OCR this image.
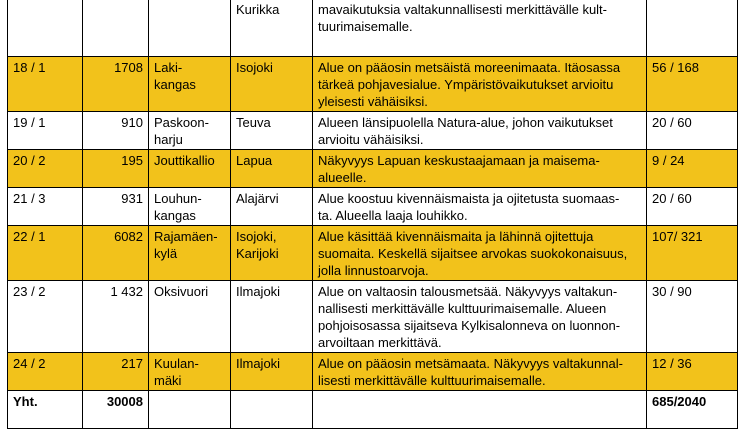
			Kurikka	mavaikutuksia valtakunnallisesti merkittävälle kult-
tuurimaisemalle.	
18 / 1	1708	Laki-
kangas	Isojoki	Alue on pääosin metsäistä moreenimaata. Itäosassa
tärkeä pohjavesialue. Ympäristövaikutukset arvioitu
yleisesti vähäisiksi.	56 / 168
19 / 1	910	Paskoon-
harju	Teuva	Alueen länsipuolella Natura-alue, johon vaikutukset
arvioitu vähäisiksi.	20 / 60
20 / 2	195	Jouttikallio	Lapua	Näkyvyys Lapuan keskustaajamaan ja maisema-
alueelle.	9 / 24
21 / 3	931	Louhun-
kangas	Alajärvi	Alue koostuu kivennäismaista ja ojitetusta suomaas-
ta. Alueella laaja louhikko.	20 / 60
22 / 1	6082	Rajamäen-
kylä	Isojoki,
Karijoki	Alue käsittää kivennäismaita ja lähinnä ojitettuja
suomaita. Keskellä sijaitsee arvokas suokokonaisuus,
jolla linnustoarvoja.	107/ 321
23 / 2	1 432	Oksivuori	Ilmajoki	Alue on valtaosin talousmetsää. Näkyvyys valtakun-
nallisesti merkittävälle kulttuurimaisemalle. Alueen
pohjoisosassa sijaitseva Kylkisalonneva on luonnon-
arvoiltaan merkittävä.	30 / 90
24 / 2	217	Kuulan-
mäki	Ilmajoki	Alue on pääosin metsämaata. Näkyvyys valtakunnal-
lisesti merkittävälle kulttuurimaisemalle.	12 / 36
Yht.	30008				685/2040
